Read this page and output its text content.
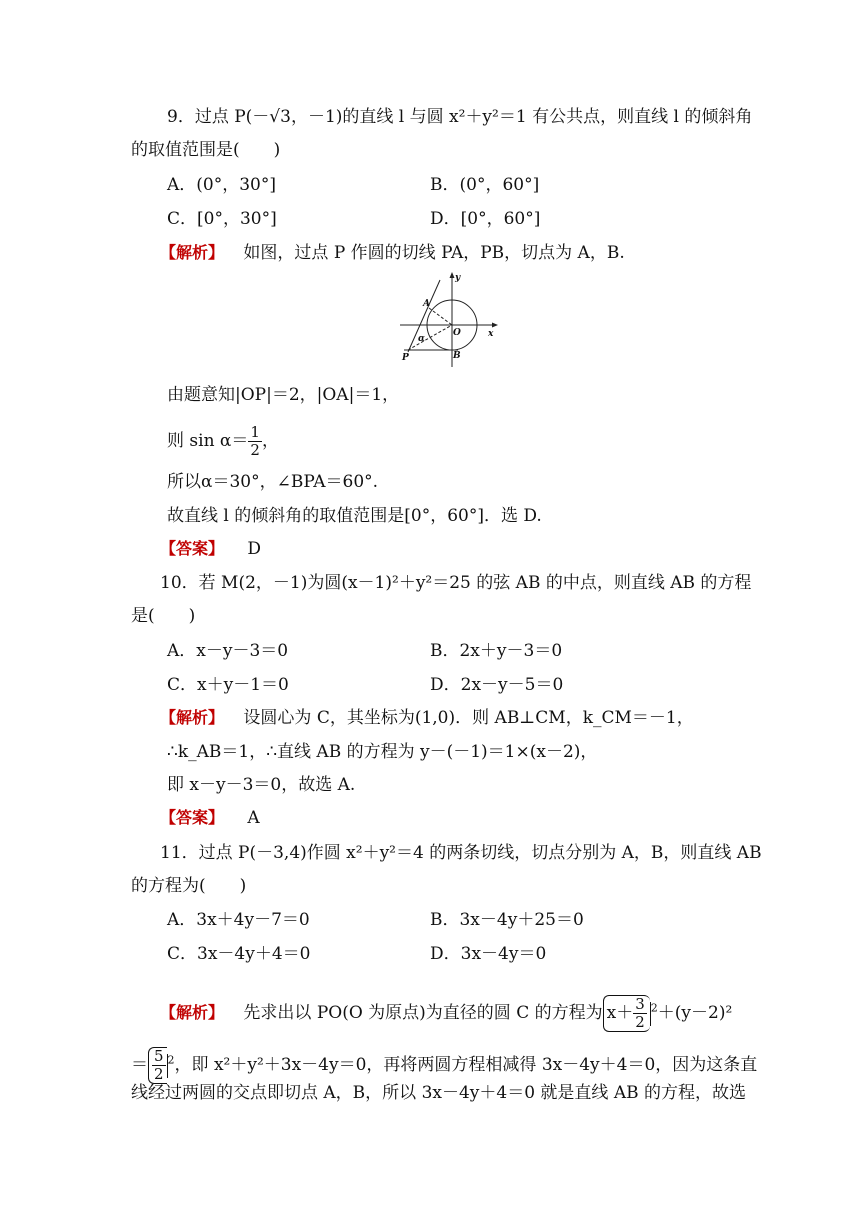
9．过点 P(－√3，－1)的直线 l 与圆 x²＋y²＝1 有公共点，则直线 l 的倾斜角
的取值范围是(　　)
A．(0°，30°]	B．(0°，60°]
C．[0°，30°]	D．[0°，60°]
【解析】 如图，过点 P 作圆的切线 PA，PB，切点为 A，B.
y
x
O
A
B
P
α
由题意知|OP|＝2，|OA|＝1，
则 $\sin \alpha= \frac{1}{2}$ ，
所以α＝30°，∠BPA＝60°.
故直线 l 的倾斜角的取值范围是[0°，60°]．选 D.
【答案】 D
10．若 M(2，－1)为圆(x－1)²＋y²＝25 的弦 AB 的中点，则直线 AB 的方程
是(　　)
A．x－y－3＝0	B．2x＋y－3＝0
C．x＋y－1＝0	D．2x－y－5＝0
【解析】 设圆心为 C，其坐标为(1,0)．则 AB⊥CM，k_CM＝－1，
∴k_AB＝1，∴直线 AB 的方程为 y－(－1)＝1×(x－2)，
即 x－y－3＝0，故选 A.
【答案】 A
11．过点 P(－3,4)作圆 x²＋y²＝4 的两条切线，切点分别为 A，B，则直线 AB
的方程为(　　)
A．3x＋4y－7＝0	B．3x－4y＋25＝0
C．3x－4y＋4＝0	D．3x－4y＝0
【解析】 先求出以 PO(O 为原点)为直径的圆 C 的方程为 $x+ \frac{3}{2} ^2+(y-2)^2$
＝ $\frac{5}{2} ^2$，即 x²＋y²＋3x－4y＝0，再将两圆方程相减得 3x－4y＋4＝0，因为这条直
线经过两圆的交点即切点 A，B，所以 3x－4y＋4＝0 就是直线 AB 的方程，故选
